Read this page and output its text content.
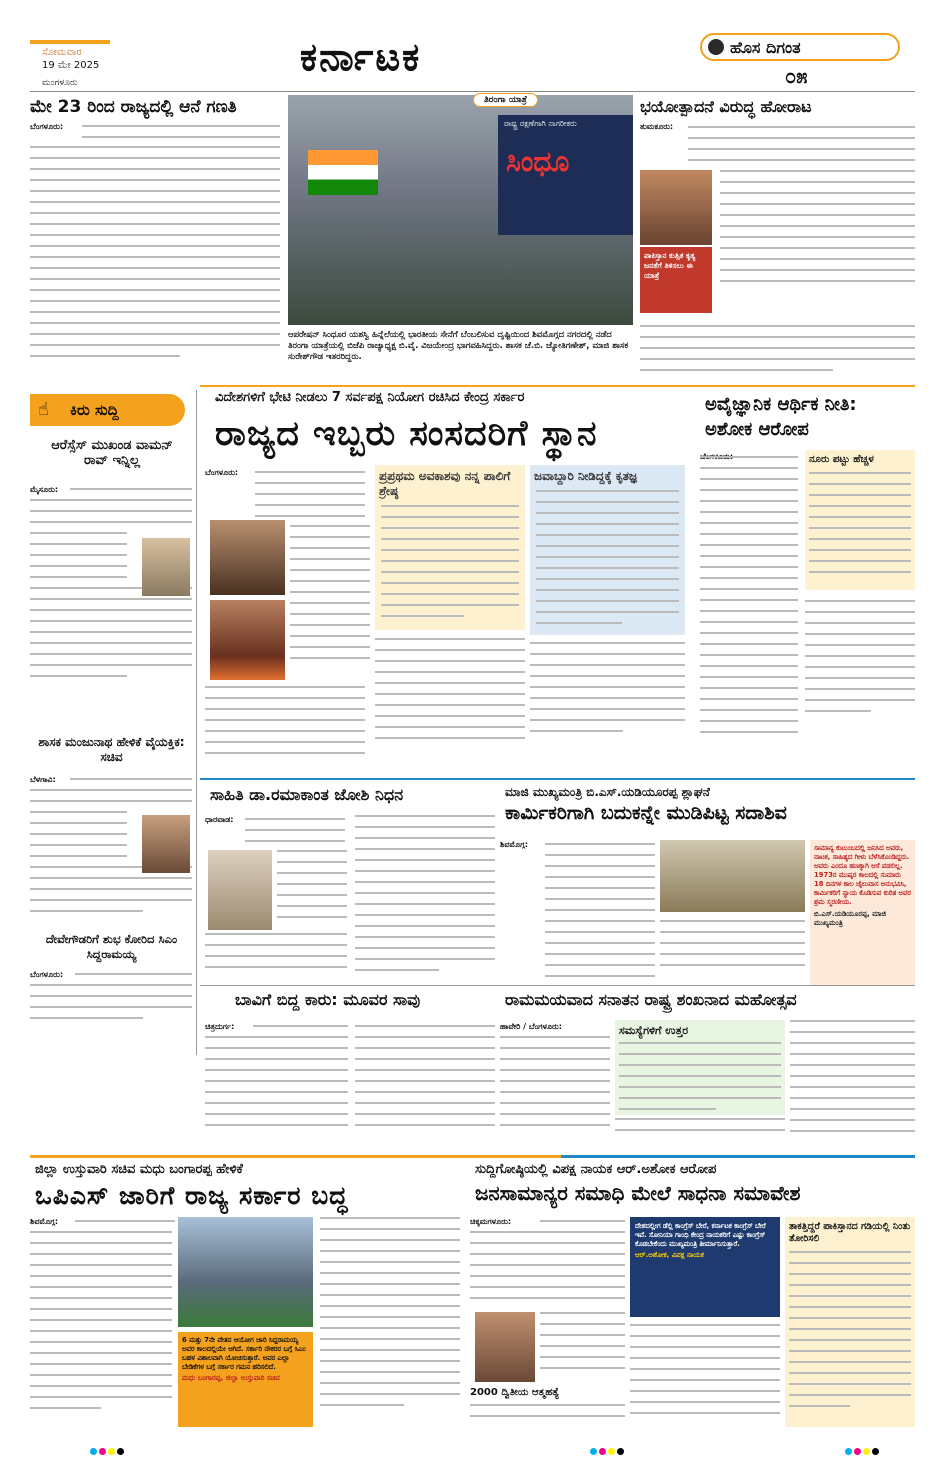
ಸೋಮವಾರ
19 ಮೇ 2025
ಮಂಗಳೂರು
ಕರ್ನಾಟಕ	ಹೊಸ ದಿಗಂತ
೦೫
ಮೇ 23 ರಿಂದ ರಾಜ್ಯದಲ್ಲಿ ಆನೆ ಗಣತಿ
ಬೆಂಗಳೂರು:	ರಾಷ್ಟ್ರ ರಕ್ಷಣೆಗಾಗಿ ನಾಗರೀಕರು
ಸಿಂಧೂ
ತಿರಂಗಾ ಯಾತ್ರೆ
ಆಪರೇಷನ್ ಸಿಂಧೂರ ಯಶಸ್ವಿ ಹಿನ್ನೆಲೆಯಲ್ಲಿ ಭಾರತೀಯ ಸೇನೆಗೆ ಬೆಂಬಲಿಸುವ ದೃಷ್ಟಿಯಿಂದ ಶಿವಮೊಗ್ಗದ ನಗರದಲ್ಲಿ ನಡೆದ ತಿರಂಗಾ ಯಾತ್ರೆಯಲ್ಲಿ ಬಿಜೆಪಿ ರಾಜ್ಯಾಧ್ಯಕ್ಷ ಬಿ.ವೈ. ವಿಜಯೇಂದ್ರ ಭಾಗವಹಿಸಿದ್ದರು. ಶಾಸಕ ಚೆ.ಬಿ. ಜ್ಯೋತಿಗಣೇಶ್, ಮಾಜಿ ಶಾಸಕ ಸುರೇಶ್‌ಗೌಡ ಇತರರಿದ್ದರು.
ಭಯೋತ್ಪಾದನೆ ವಿರುದ್ಧ ಹೋರಾಟ
ತುಮಕೂರು:
ಪಾಕಿಸ್ತಾನ ಕುತ್ಸಿತ ಕೃತ್ಯ ಜನತೆಗೆ ತಿಳಿಸಲು ಈ ಯಾತ್ರೆ
☝ ಕಿರು ಸುದ್ದಿ
ಆರೆಸ್ಸೆಸ್ ಮುಖಂಡ ವಾಮನ್ ರಾವ್ ಇನ್ನಿಲ್ಲ
ಮೈಸೂರು:
ಶಾಸಕ ಮಂಜುನಾಥ ಹೇಳಿಕೆ ವೈಯಕ್ತಿಕ: ಸಚಿವ
ಬೆಳಗಾವಿ:
ದೇವೇಗೌಡರಿಗೆ ಶುಭ ಕೋರಿದ ಸಿಎಂ ಸಿದ್ದರಾಮಯ್ಯ
ಬೆಂಗಳೂರು:
ವಿದೇಶಗಳಿಗೆ ಭೇಟಿ ನೀಡಲು 7 ಸರ್ವಪಕ್ಷ ನಿಯೋಗ ರಚಿಸಿದ ಕೇಂದ್ರ ಸರ್ಕಾರ
ರಾಜ್ಯದ ಇಬ್ಬರು ಸಂಸದರಿಗೆ ಸ್ಥಾನ
ಬೆಂಗಳೂರು:	ಪ್ರಪ್ರಥಮ ಅವಕಾಶವು ನನ್ನ ಪಾಲಿಗೆ ಶ್ರೇಷ್ಠ
ಜವಾಬ್ದಾರಿ ನೀಡಿದ್ದಕ್ಕೆ ಕೃತಜ್ಞ
ಅವೈಜ್ಞಾನಿಕ ಆರ್ಥಿಕ ನೀತಿ: ಅಶೋಕ ಆರೋಪ
ನೂರು ಪಟ್ಟು ಹೆಚ್ಚಳ
ಸಾಹಿತಿ ಡಾ.ರಮಾಕಾಂತ ಜೋಶಿ ನಿಧನ
ಧಾರವಾಡ:
ಮಾಜಿ ಮುಖ್ಯಮಂತ್ರಿ ಬಿ.ಎಸ್.ಯಡಿಯೂರಪ್ಪ ಶ್ಲಾಘನೆ
ಕಾರ್ಮಿಕರಿಗಾಗಿ ಬದುಕನ್ನೇ ಮುಡಿಪಿಟ್ಟ ಸದಾಶಿವ
ಶಿವಮೊಗ್ಗ:	ಸಾಮಾನ್ಯ ಕುಟುಂಬದಲ್ಲಿ ಜನಿಸಿದ ಅವರು, ನಾಟಕ, ಸಾಹಿತ್ಯದ ಗೀಳು ಬೆಳೆಸಿಕೊಂಡಿದ್ದರು. ಅವರು ಎಂದೂ ಹಣಕ್ಕಾಗಿ ಆಸೆ ಪಡಲಿಲ್ಲ. 1973ರ ಮುಷ್ಕರ ಕಾಲದಲ್ಲಿ ಸುಮಾರು 18 ದಿನಗಳ ಕಾಲ ಜೈಲುವಾಸ ಅನುಭವಿಸಿ, ಕಾರ್ಮಿಕರಿಗೆ ನ್ಯಾಯ ಕೊಡಿಸುವ ಕುರಿತ ಅವರ ಶ್ರಮ ಸ್ಮರಣೀಯ.
ಬಿ.ಎಸ್.ಯಡಿಯೂರಪ್ಪ, ಮಾಜಿ ಮುಖ್ಯಮಂತ್ರಿ
ಬಾವಿಗೆ ಬಿದ್ದ ಕಾರು: ಮೂವರ ಸಾವು
ಚಿತ್ರದುರ್ಗ:
ರಾಮಮಯವಾದ ಸನಾತನ ರಾಷ್ಟ್ರ ಶಂಖನಾದ ಮಹೋತ್ಸವ
ಹಾವೇರಿ / ಬೆಂಗಳೂರು:	ಸಮಸ್ಯೆಗಳಿಗೆ ಉತ್ತರ
ಜಿಲ್ಲಾ ಉಸ್ತುವಾರಿ ಸಚಿವ ಮಧು ಬಂಗಾರಪ್ಪ ಹೇಳಿಕೆ
ಒಪಿಎಸ್ ಜಾರಿಗೆ ರಾಜ್ಯ ಸರ್ಕಾರ ಬದ್ಧ
ಶಿವಮೊಗ್ಗ:
6 ಮತ್ತು 7ನೇ ವೇತನ ಆಯೋಗ ಜಾರಿ ಸಿದ್ದರಾಮಯ್ಯ ಅವರ ಕಾಲದಲ್ಲಿಯೇ ಆಗಿದೆ. ಸರ್ಕಾರಿ ನೌಕರರ ಬಗ್ಗೆ ಸಿಎಂ ಬಹಳ ವಿಶಾಲವಾಗಿ ಯೋಚಿಸುತ್ತಾರೆ. ಅವರ ಎಲ್ಲಾ ಬೇಡಿಕೆಗಳ ಬಗ್ಗೆ ಸರ್ಕಾರ ಗಮನ ಹರಿಸಲಿದೆ.
ಮಧು ಬಂಗಾರಪ್ಪ, ಜಿಲ್ಲಾ ಉಸ್ತುವಾರಿ ಸಚಿವ
ಸುದ್ದಿಗೋಷ್ಠಿಯಲ್ಲಿ ವಿಪಕ್ಷ ನಾಯಕ ಆರ್.ಅಶೋಕ ಆರೋಪ
ಜನಸಾಮಾನ್ಯರ ಸಮಾಧಿ ಮೇಲೆ ಸಾಧನಾ ಸಮಾವೇಶ
ಚಿಕ್ಕಮಗಳೂರು:
2000 ದ್ವಿತೀಯ ಆತ್ಮಹತ್ಯೆ
ದೇಶದಲ್ಲೀಗ ಡೆಲ್ಲಿ ಕಾಂಗ್ರೆಸ್ ಬೇರೆ, ಕರ್ನಾಟಕ ಕಾಂಗ್ರೆಸ್ ಬೇರೆ ಇವೆ. ಸೋನಿಯಾ ಗಾಂಧಿ ಕೇಂದ್ರ ನಾಯಕರಿಗೆ ಎಷ್ಟು ಕಾಂಗ್ರೆಸ್ ಕೊಡಬೇಕೆಂದು ಮುಖ್ಯಮಂತ್ರಿ ತೀರ್ಮಾನಿಸುತ್ತಾರೆ.
ಆರ್.ಅಶೋಕ, ವಿಪಕ್ಷ ನಾಯಕ
ತಾಕತ್ತಿದ್ದರೆ ಪಾಕಿಸ್ತಾನದ ಗಡಿಯಲ್ಲಿ ನಿಂತು ತೋರಿಸಲಿ
